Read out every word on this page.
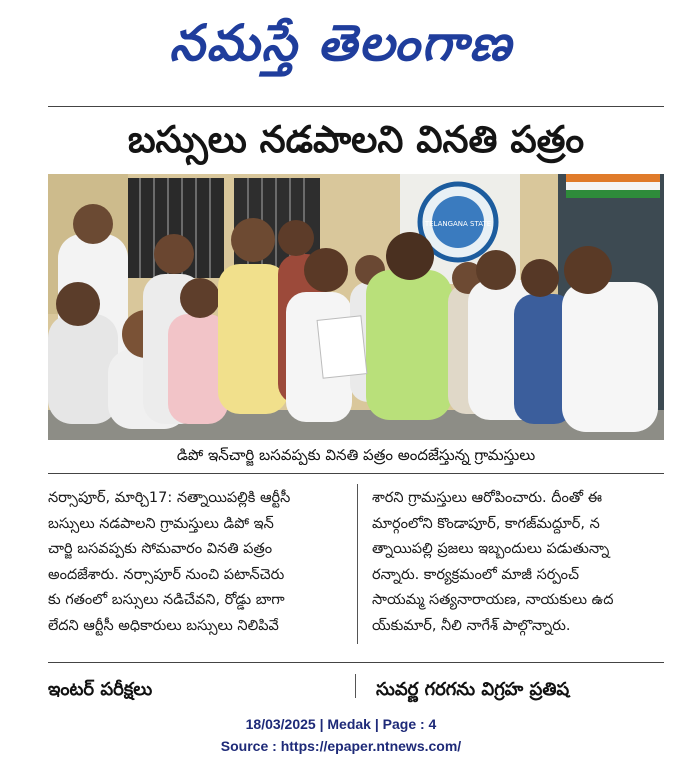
నమస్తే తెలంగాణ
బస్సులు నడపాలని వినతి పత్రం
TELANGANA STATE
డిపో ఇన్‌చార్జి బసవప్పకు వినతి పత్రం అందజేస్తున్న గ్రామస్తులు
నర్సాపూర్, మార్చి17: నత్నాయిపల్లికి ఆర్టీసీ
బస్సులు నడపాలని గ్రామస్తులు డిపో ఇన్
చార్జి బసవప్పకు సోమవారం వినతి పత్రం
అందజేశారు. నర్సాపూర్ నుంచి పటాన్‌చెరు
కు గతంలో బస్సులు నడిచేవని, రోడ్డు బాగా
లేదని ఆర్టీసీ అధికారులు బస్సులు నిలిపివే
శారని గ్రామస్తులు ఆరోపించారు. దీంతో ఈ
మార్గంలోని కొండాపూర్, కాగజ్‌మద్దూర్, న
త్నాయిపల్లి ప్రజలు ఇబ్బందులు పడుతున్నా
రన్నారు. కార్యక్రమంలో మాజీ సర్పంచ్
సాయమ్మ సత్యనారాయణ, నాయకులు ఉద
య్‌కుమార్, నీలి నాగేశ్ పాల్గొన్నారు.
ఇంటర్ పరీక్షలు	సువర్ణ గరగను విగ్రహ ప్రతిష
18/03/2025 | Medak | Page : 4
Source : https://epaper.ntnews.com/
